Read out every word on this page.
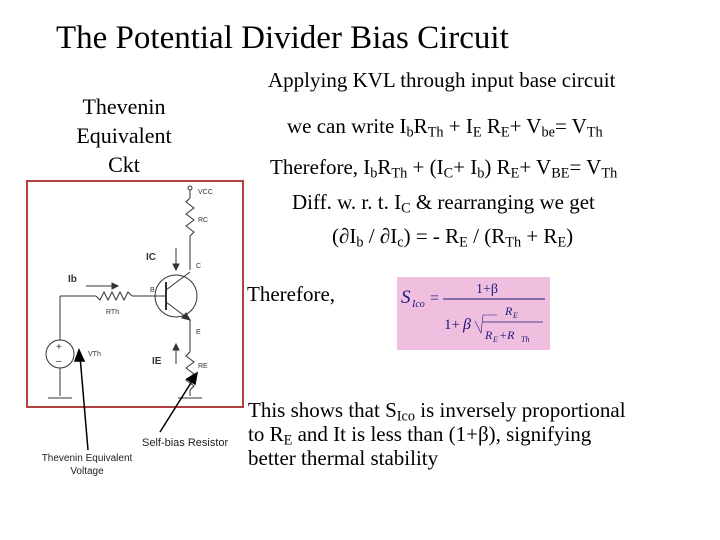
The Potential Divider Bias Circuit
Thevenin
Equivalent
Ckt
Applying KVL through input base circuit
we can write $I_bR_{Th} + I_E$ $R_E+ V_{be}= V_{Th}$
Therefore, $I_bR_{Th} + (I_C+ I_b)$ $R_E+ V_{BE}= V_{Th}$
Diff. w. r. t. $I_C$ & rearranging we get
$(\partial I_b / \partial I_c)$ = - $R_E / (R_{Th} + R_E)$
Therefore,	S Ico =
1+β
1+ β
R E
R E +R Th
VCC
RC
IC
C
Ib
B
RTh
+
–
VTh
IE
E
RE
Self-bias Resistor
Thevenin Equivalent
Voltage
This shows that $S_{Ico}$ is inversely proportional
to $R_E$ and It is less than (1+β), signifying
better thermal stability
